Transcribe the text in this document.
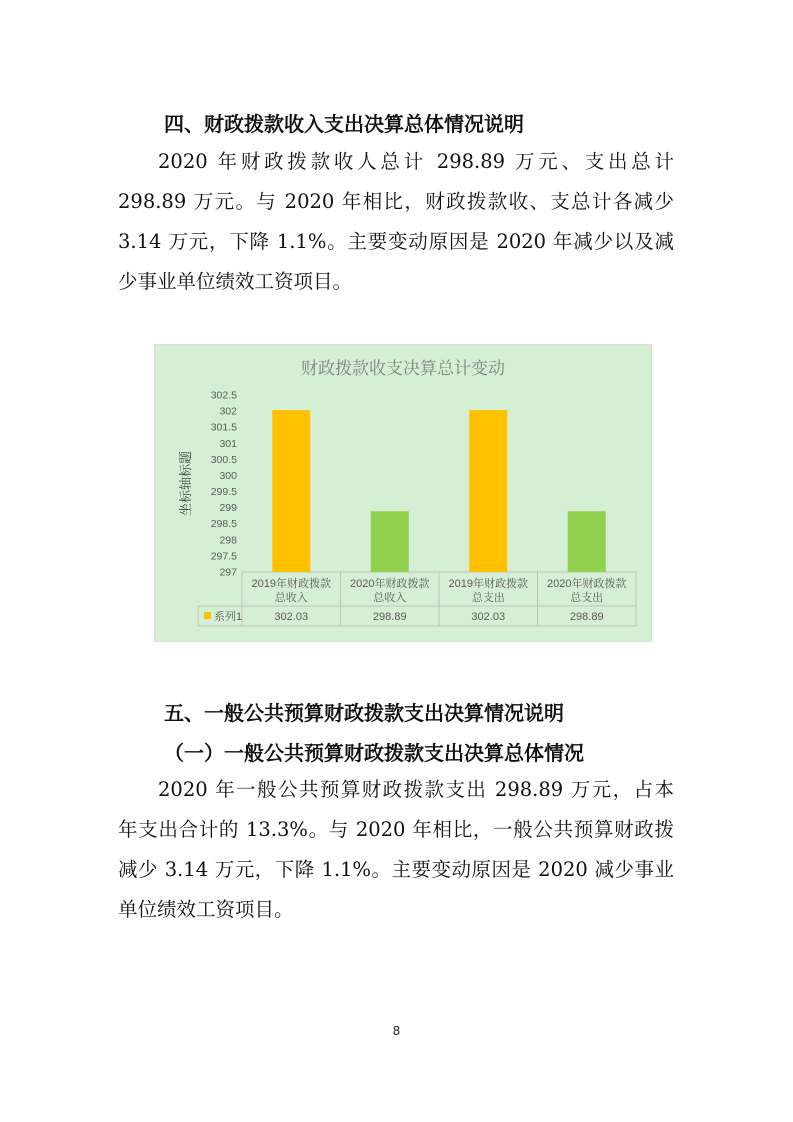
四、财政拨款收入支出决算总体情况说明

2020 年财政拨款收人总计 298.89 万元、支出总计
298.89 万元。与 2020 年相比，财政拨款收、支总计各减少
3.14 万元，下降 1.1%。主要变动原因是 2020 年减少以及减
少事业单位绩效工资项目。

财政拨款收支决算总计变动
297
297.5
298
298.5
299
299.5
300
300.5
301
301.5
302
302.5
坐标轴标题
2019年财政拨款
总收入
302.03
2020年财政拨款
总收入
298.89
2019年财政拨款
总支出
302.03
2020年财政拨款
总支出
298.89
系列1
五、一般公共预算财政拨款支出决算情况说明
（一）一般公共预算财政拨款支出决算总体情况

2020 年一般公共预算财政拨款支出 298.89 万元，占本
年支出合计的 13.3%。与 2020 年相比，一般公共预算财政拨
减少 3.14 万元，下降 1.1%。主要变动原因是 2020 减少事业
单位绩效工资项目。

8
